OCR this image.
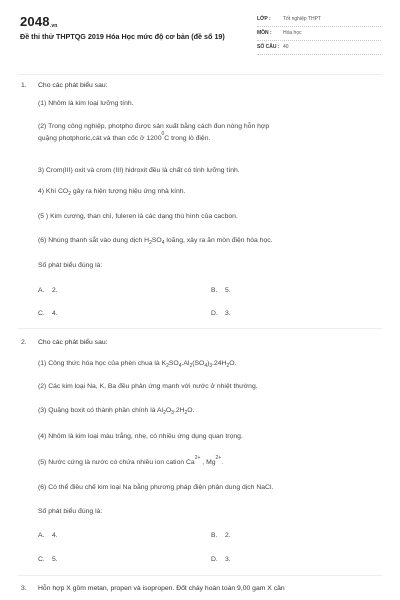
2048.vn
Đề thi thử THPTQG 2019 Hóa Học mức độ cơ bản (đề số 19)
LỚP : Tốt nghiệp THPT
MÔN : Hóa học
SỐ CÂU : 40
1. Cho các phát biểu sau:
(1) Nhôm là kim loại lưỡng tính.
(2) Trong công nghiệp, photpho được sản xuất bằng cách đun nóng hỗn hợp
quặng photphoric,cát và than cốc ở 1200$^0$C trong lò điện.
3) Crom(III) oxit và crom (III) hidroxit đều là chất có tính lưỡng tính.
4) Khí $CO_2$ gây ra hiện tượng hiệu ứng nhà kính.
(5 ) Kim cương, than chì, fuleren là các dạng thù hình của cacbon.
(6) Nhúng thanh sắt vào dung dịch $H_2SO_4$ loãng, xảy ra ăn mòn điện hóa học.
Số phát biểu đúng là:
A. 2.	B. 5.
C. 4.	D. 3.
2. Cho các phát biểu sau:
(1) Công thức hóa học của phèn chua là $K_2SO_4.Al_2(SO_4)_3.24H_2O$.
(2) Các kim loại Na, K, Ba đều phản ứng mạnh với nước ở nhiệt thường.
(3) Quặng boxit có thành phần chính là $Al_2O_3.2H_2O$.
(4) Nhôm là kim loại màu trắng, nhẹ, có nhiều ứng dụng quan trọng.
(5) Nước cứng là nước có chứa nhiều ion cation $Ca^{2+}$ , $Mg^{2+}$.
(6) Có thể điều chế kim loại Na bằng phương pháp điện phân dung dịch NaCl.
Số phát biểu đúng là:
A. 4.	B. 2.
C. 5.	D. 3.
3. Hỗn hợp X gồm metan, propen và isopropen. Đốt cháy hoàn toàn 9,00 gam X cần
